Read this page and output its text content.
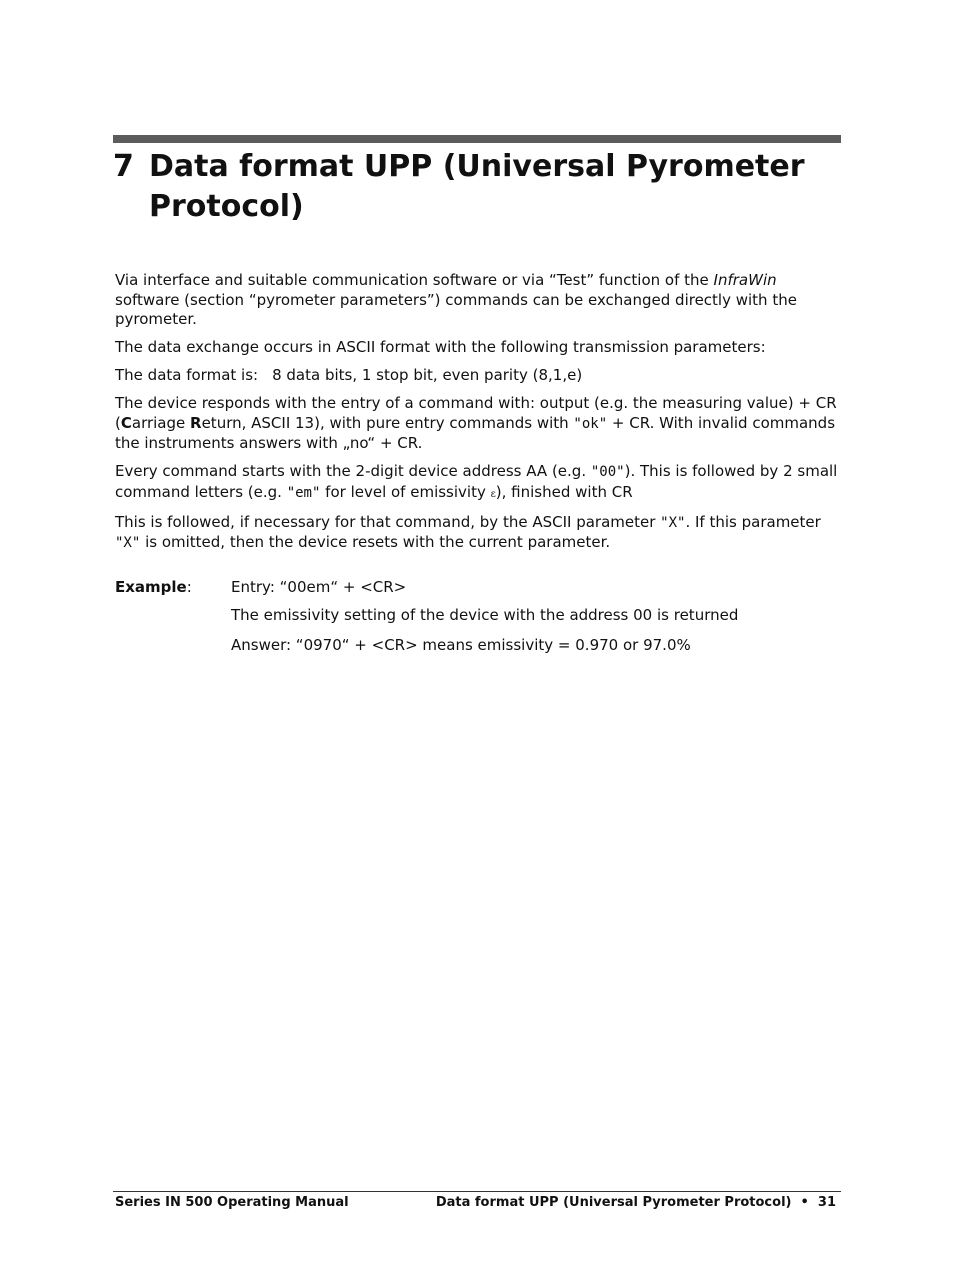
7 Data format UPP (Universal Pyrometer Protocol)

Via interface and suitable communication software or via “Test” function of the InfraWin software (section “pyrometer parameters”) commands can be exchanged directly with the pyrometer.

The data exchange occurs in ASCII format with the following transmission parameters:

The data format is: 8 data bits, 1 stop bit, even parity (8,1,e)

The device responds with the entry of a command with: output (e.g. the measuring value) + CR (Carriage Return, ASCII 13), with pure entry commands with "ok" + CR. With invalid commands the instruments answers with „no“ + CR.

Every command starts with the 2-digit device address AA (e.g. "00"). This is followed by 2 small command letters (e.g. "em" for level of emissivity ε), finished with CR

This is followed, if necessary for that command, by the ASCII parameter "X". If this parameter "X" is omitted, then the device resets with the current parameter.

Example:	Entry: “00em“ + <CR>
The emissivity setting of the device with the address 00 is returned
Answer: “0970“ + <CR> means emissivity = 0.970 or 97.0%
Series IN 500 Operating Manual	Data format UPP (Universal Pyrometer Protocol) • 31
